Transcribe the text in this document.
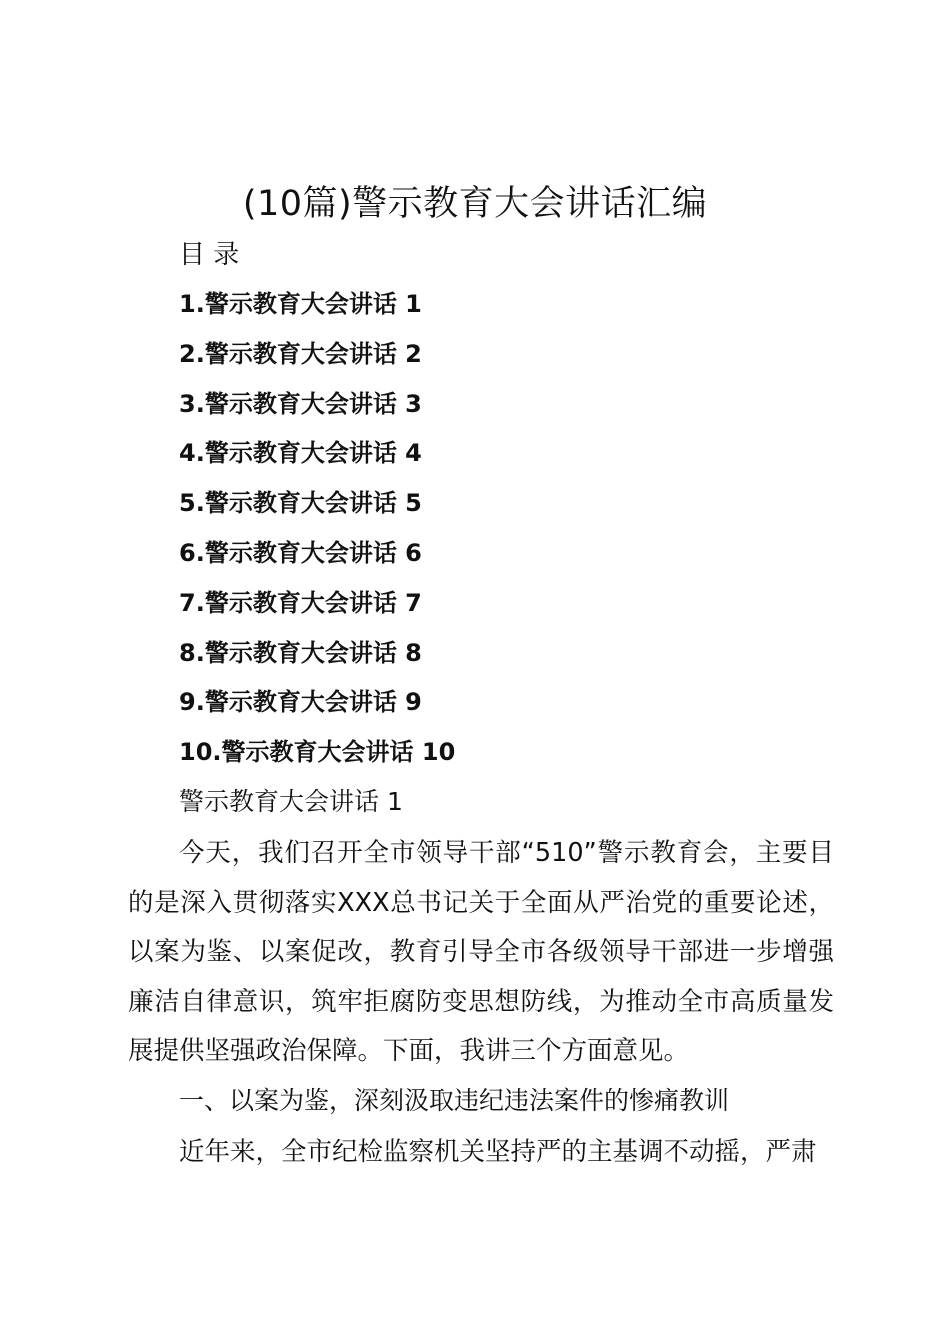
(10篇)警示教育大会讲话汇编
目 录
1.警示教育大会讲话 1
2.警示教育大会讲话 2
3.警示教育大会讲话 3
4.警示教育大会讲话 4
5.警示教育大会讲话 5
6.警示教育大会讲话 6
7.警示教育大会讲话 7
8.警示教育大会讲话 8
9.警示教育大会讲话 9
10.警示教育大会讲话 10
警示教育大会讲话 1

今天，我们召开全市领导干部“510”警示教育会，主要目的是深入贯彻落实XXX总书记关于全面从严治党的重要论述，以案为鉴、以案促改，教育引导全市各级领导干部进一步增强廉洁自律意识，筑牢拒腐防变思想防线，为推动全市高质量发展提供坚强政治保障。下面，我讲三个方面意见。

一、以案为鉴，深刻汲取违纪违法案件的惨痛教训

近年来，全市纪检监察机关坚持严的主基调不动摇，严肃
